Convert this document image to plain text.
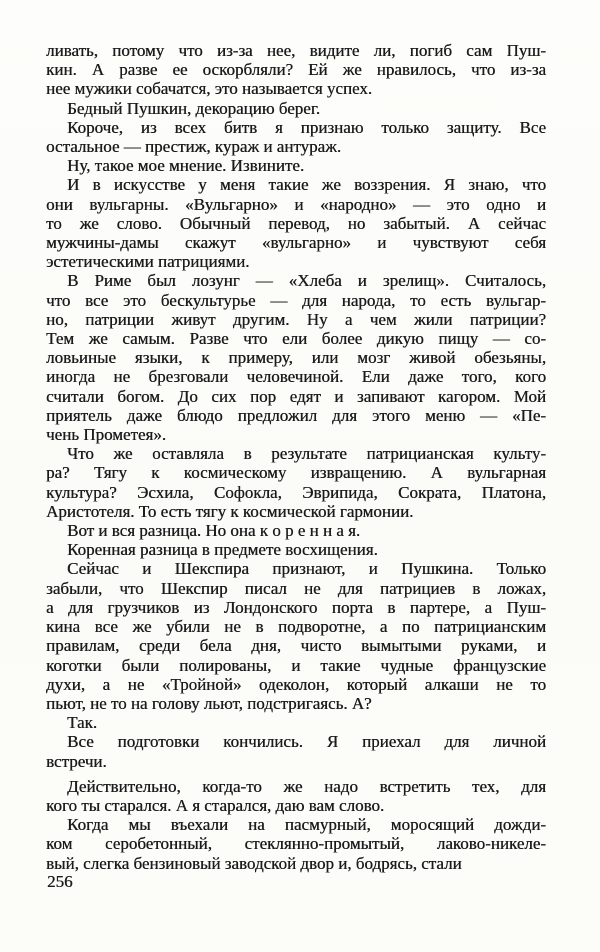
ливать, потому что из-за нее, видите ли, погиб сам Пуш-
кин. А разве ее оскорбляли? Ей же нравилось, что из-за
нее мужики собачатся, это называется успех.
Бедный Пушкин, декорацию берег.
Короче, из всех битв я признаю только защиту. Все
остальное — престиж, кураж и антураж.
Ну, такое мое мнение. Извините.
И в искусстве у меня такие же воззрения. Я знаю, что
они вульгарны. «Вульгарно» и «народно» — это одно и
то же слово. Обычный перевод, но забытый. А сейчас
мужчины-дамы скажут «вульгарно» и чувствуют себя
эстетическими патрициями.
В Риме был лозунг — «Хлеба и зрелищ». Считалось,
что все это бескультурье — для народа, то есть вульгар-
но, патриции живут другим. Ну а чем жили патриции?
Тем же самым. Разве что ели более дикую пищу — со-
ловьиные языки, к примеру, или мозг живой обезьяны,
иногда не брезговали человечиной. Ели даже того, кого
считали богом. До сих пор едят и запивают кагором. Мой
приятель даже блюдо предложил для этого меню — «Пе-
чень Прометея».
Что же оставляла в результате патрицианская культу-
ра? Тягу к космическому извращению. А вульгарная
культура? Эсхила, Софокла, Эврипида, Сократа, Платона,
Аристотеля. То есть тягу к космической гармонии.
Вот и вся разница. Но она к о р е н н а я.
Коренная разница в предмете восхищения.
Сейчас и Шекспира признают, и Пушкина. Только
забыли, что Шекспир писал не для патрициев в ложах,
а для грузчиков из Лондонского порта в партере, а Пуш-
кина все же убили не в подворотне, а по патрицианским
правилам, среди бела дня, чисто вымытыми руками, и
коготки были полированы, и такие чудные французские
духи, а не «Тройной» одеколон, который алкаши не то
пьют, не то на голову льют, подстригаясь. А?
Так.
Все подготовки кончились. Я приехал для личной
встречи.
Действительно, когда-то же надо встретить тех, для
кого ты старался. А я старался, даю вам слово.
Когда мы въехали на пасмурный, моросящий дожди-
ком серобетонный, стеклянно-промытый, лаково-никеле-
вый, слегка бензиновый заводской двор и, бодрясь, стали
256
